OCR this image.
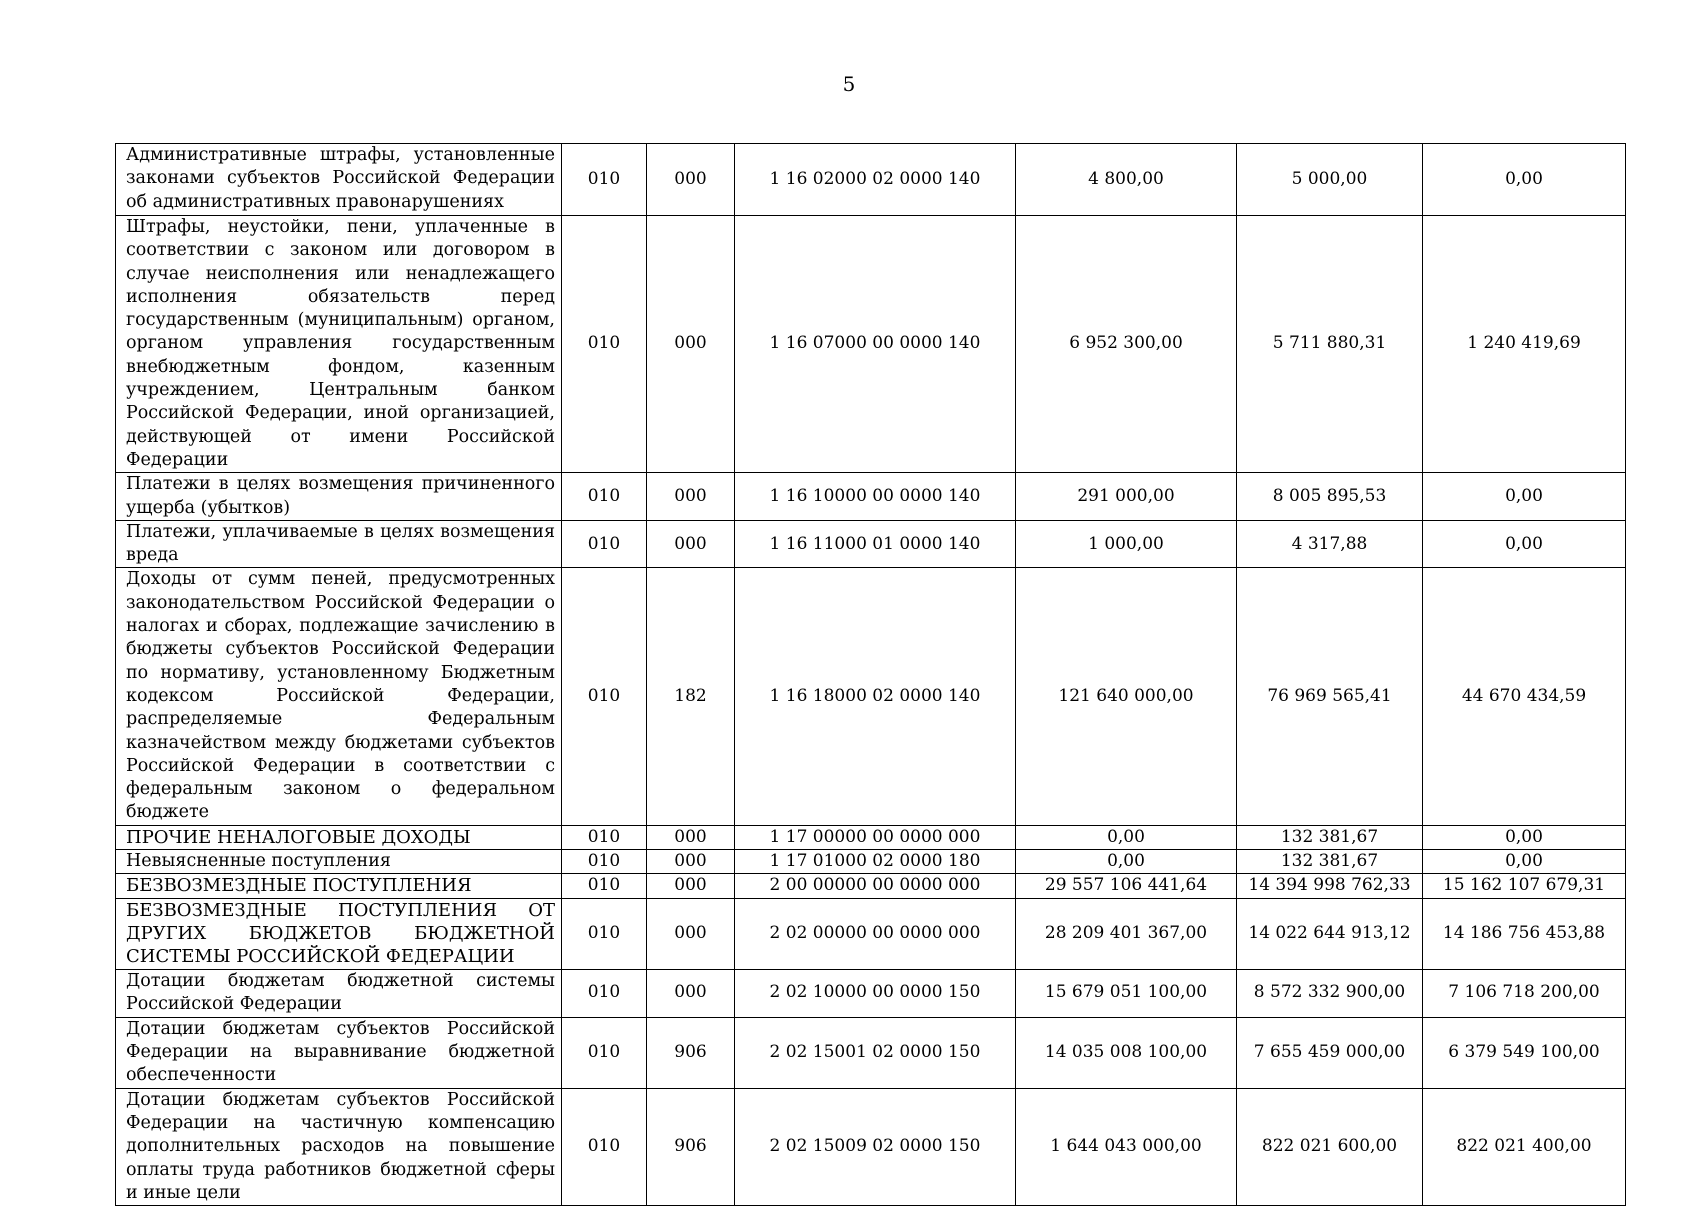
5
Административные штрафы, установленные законами субъектов Российской Федерации об административных правонарушениях	010	000	1 16 02000 02 0000 140	4 800,00	5 000,00	0,00
Штрафы, неустойки, пени, уплаченные в соответствии с законом или договором в случае неисполнения или ненадлежащего исполнения обязательств перед государственным (муниципальным) органом, органом управления государственным внебюджетным фондом, казенным учреждением, Центральным банком Российской Федерации, иной организацией, действующей от имени Российской Федерации	010	000	1 16 07000 00 0000 140	6 952 300,00	5 711 880,31	1 240 419,69
Платежи в целях возмещения причиненного ущерба (убытков)	010	000	1 16 10000 00 0000 140	291 000,00	8 005 895,53	0,00
Платежи, уплачиваемые в целях возмещения вреда	010	000	1 16 11000 01 0000 140	1 000,00	4 317,88	0,00
Доходы от сумм пеней, предусмотренных законодательством Российской Федерации о налогах и сборах, подлежащие зачислению в бюджеты субъектов Российской Федерации по нормативу, установленному Бюджетным кодексом Российской Федерации, распределяемые Федеральным казначейством между бюджетами субъектов Российской Федерации в соответствии с федеральным законом о федеральном бюджете	010	182	1 16 18000 02 0000 140	121 640 000,00	76 969 565,41	44 670 434,59
ПРОЧИЕ НЕНАЛОГОВЫЕ ДОХОДЫ	010	000	1 17 00000 00 0000 000	0,00	132 381,67	0,00
Невыясненные поступления	010	000	1 17 01000 02 0000 180	0,00	132 381,67	0,00
БЕЗВОЗМЕЗДНЫЕ ПОСТУПЛЕНИЯ	010	000	2 00 00000 00 0000 000	29 557 106 441,64	14 394 998 762,33	15 162 107 679,31
БЕЗВОЗМЕЗДНЫЕ ПОСТУПЛЕНИЯ ОТ ДРУГИХ БЮДЖЕТОВ БЮДЖЕТНОЙ СИСТЕМЫ РОССИЙСКОЙ ФЕДЕРАЦИИ	010	000	2 02 00000 00 0000 000	28 209 401 367,00	14 022 644 913,12	14 186 756 453,88
Дотации бюджетам бюджетной системы Российской Федерации	010	000	2 02 10000 00 0000 150	15 679 051 100,00	8 572 332 900,00	7 106 718 200,00
Дотации бюджетам субъектов Российской Федерации на выравнивание бюджетной обеспеченности	010	906	2 02 15001 02 0000 150	14 035 008 100,00	7 655 459 000,00	6 379 549 100,00
Дотации бюджетам субъектов Российской Федерации на частичную компенсацию дополнительных расходов на повышение оплаты труда работников бюджетной сферы и иные цели	010	906	2 02 15009 02 0000 150	1 644 043 000,00	822 021 600,00	822 021 400,00
